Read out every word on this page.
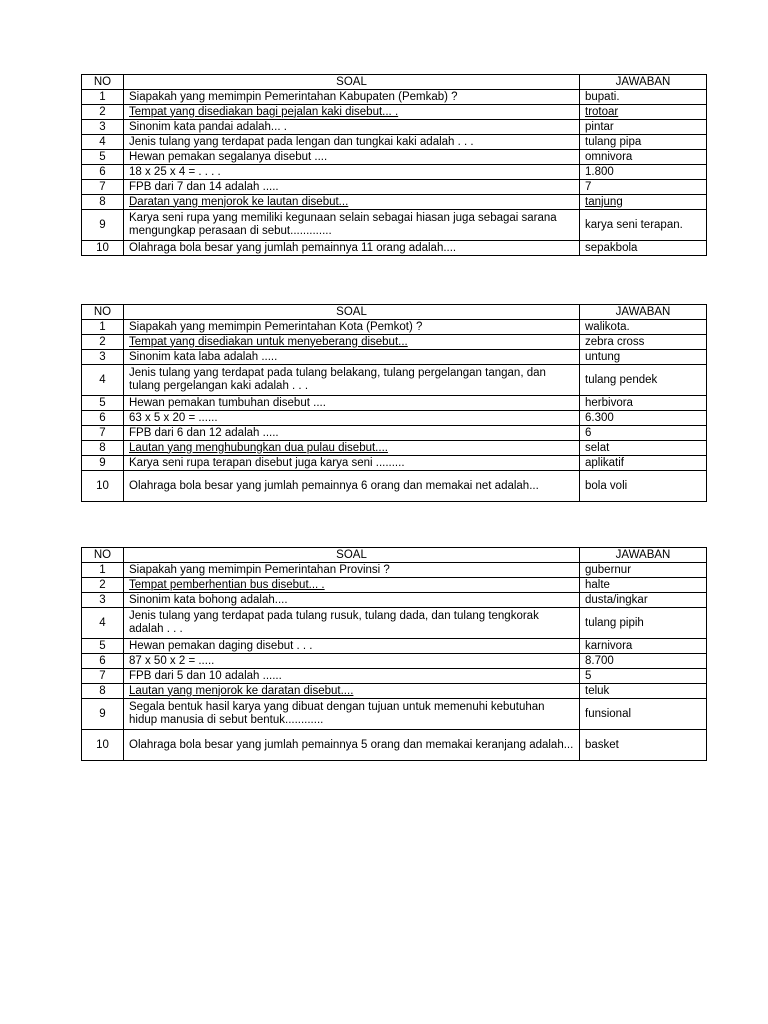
NO	SOAL	JAWABAN
1	Siapakah yang memimpin Pemerintahan Kabupaten (Pemkab) ?	bupati.
2	Tempat yang disediakan bagi pejalan kaki disebut... .	trotoar
3	Sinonim kata pandai adalah... .	pintar
4	Jenis tulang yang terdapat pada lengan dan tungkai kaki adalah . . .	tulang pipa
5	Hewan pemakan segalanya disebut ....	omnivora
6	18 x 25 x 4 = . . . .	1.800
7	FPB dari 7 dan 14 adalah .....	7
8	Daratan yang menjorok ke lautan disebut...	tanjung
9	Karya seni rupa yang memiliki kegunaan selain sebagai hiasan juga sebagai sarana mengungkap perasaan di sebut.............	karya seni terapan.
10	Olahraga bola besar yang jumlah pemainnya 11 orang adalah....	sepakbola
NO	SOAL	JAWABAN
1	Siapakah yang memimpin Pemerintahan Kota (Pemkot) ?	walikota.
2	Tempat yang disediakan untuk menyeberang disebut...	zebra cross
3	Sinonim kata laba adalah .....	untung
4	Jenis tulang yang terdapat pada tulang belakang, tulang pergelangan tangan, dan tulang pergelangan kaki adalah . . .	tulang pendek
5	Hewan pemakan tumbuhan disebut ....	herbivora
6	63 x 5 x 20 = ......	6.300
7	FPB dari 6 dan 12 adalah .....	6
8	Lautan yang menghubungkan dua pulau disebut....	selat
9	Karya seni rupa terapan disebut juga karya seni .........	aplikatif
10	Olahraga bola besar yang jumlah pemainnya 6 orang dan memakai net adalah...	bola voli
NO	SOAL	JAWABAN
1	Siapakah yang memimpin Pemerintahan Provinsi ?	gubernur
2	Tempat pemberhentian bus disebut... .	halte
3	Sinonim kata bohong adalah....	dusta/ingkar
4	Jenis tulang yang terdapat pada tulang rusuk, tulang dada, dan tulang tengkorak adalah . . .	tulang pipih
5	Hewan pemakan daging disebut . . .	karnivora
6	87 x 50 x 2 = .....	8.700
7	FPB dari 5 dan 10 adalah ......	5
8	Lautan yang menjorok ke daratan disebut....	teluk
9	Segala bentuk hasil karya yang dibuat dengan tujuan untuk memenuhi kebutuhan hidup manusia di sebut bentuk............	funsional
10	Olahraga bola besar yang jumlah pemainnya 5 orang dan memakai keranjang adalah...	basket
